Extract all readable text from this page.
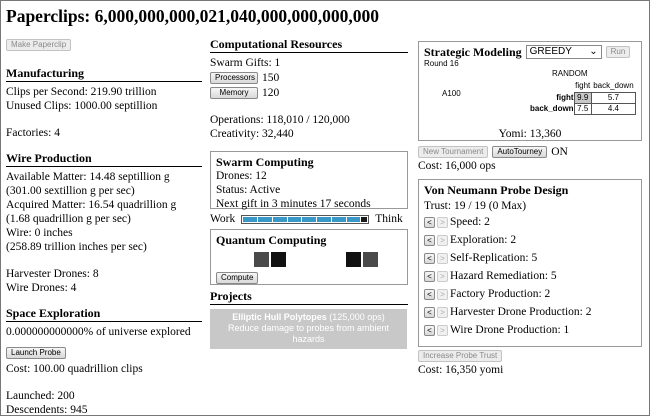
Paperclips: 6,000,000,000,021,040,000,000,000,000
Make Paperclip
Manufacturing
Clips per Second: 219.90 trillion
Unused Clips: 1000.00 septillion
Factories: 4
Wire Production
Available Matter: 14.48 septillion g
(301.00 sextillion g per sec)
Acquired Matter: 16.54 quadrillion g
(1.68 quadrillion g per sec)
Wire: 0 inches
(258.89 trillion inches per sec)
Harvester Drones: 8
Wire Drones: 4
Space Exploration
0.000000000000% of universe explored
Launch Probe
Cost: 100.00 quadrillion clips
Launched: 200
Descendents: 945
Computational Resources
Swarm Gifts: 1
Processors 150
Memory	120
Operations: 118,010 / 120,000
Creativity: 32,440
Swarm Computing
Drones: 12
Status: Active
Next gift in 3 minutes 17 seconds
Work	Think
Quantum Computing
Compute
Projects
Elliptic Hull Polytopes (125,000 ops)
Reduce damage to probes from ambient hazards
Strategic Modeling GREEDY ⌄	Run
Round 16
RANDOM
A100
	fight	back_down
fight	9.9	5.7
back_down	7.5	4.4
Yomi: 13,360
New Tournament	AutoTourney ON
Cost: 16,000 ops
Von Neumann Probe Design
Trust: 19 / 19 (0 Max)
<	> Speed: 2
<	> Exploration: 2
<	> Self-Replication: 5
<	> Hazard Remediation: 5
<	> Factory Production: 2
<	> Harvester Drone Production: 2
<	> Wire Drone Production: 1
Increase Probe Trust
Cost: 16,350 yomi
